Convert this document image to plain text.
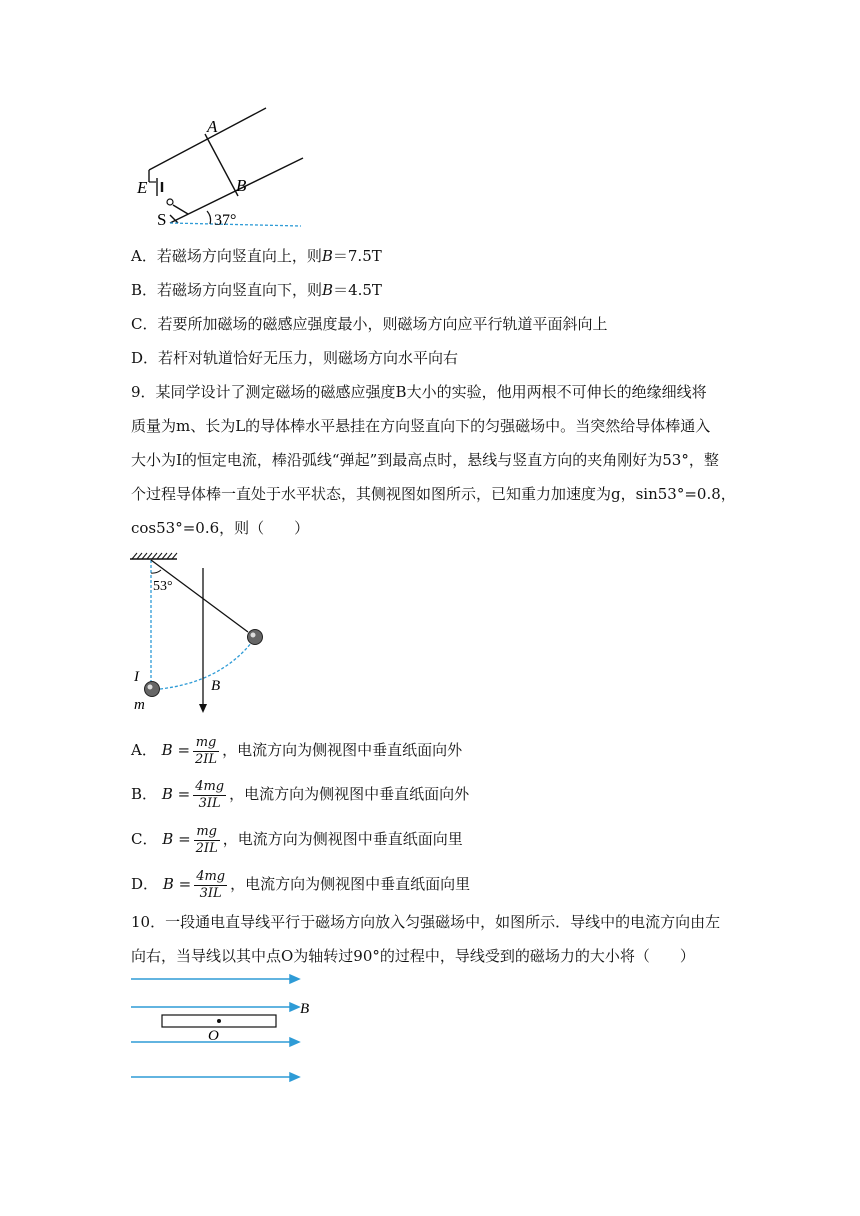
A
B
E
S	37°
A．若磁场方向竖直向上，则B＝7.5T
B．若磁场方向竖直向下，则B＝4.5T
C．若要所加磁场的磁感应强度最小，则磁场方向应平行轨道平面斜向上
D．若杆对轨道恰好无压力，则磁场方向水平向右
9．某同学设计了测定磁场的磁感应强度B大小的实验，他用两根不可伸长的绝缘细线将
质量为m、长为L的导体棒水平悬挂在方向竖直向下的匀强磁场中。当突然给导体棒通入
大小为I的恒定电流，棒沿弧线“弹起”到最高点时，悬线与竖直方向的夹角刚好为53°，整
个过程导体棒一直处于水平状态，其侧视图如图所示，已知重力加速度为g，sin53°=0.8，
cos53°=0.6，则（　　）
53°
I
m
B
A． $B = \frac{mg}{2IL}$ ，电流方向为侧视图中垂直纸面向外
B． $B = \frac{4mg}{3IL}$ ，电流方向为侧视图中垂直纸面向外
C． $B = \frac{mg}{2IL}$ ，电流方向为侧视图中垂直纸面向里
D． $B = \frac{4mg}{3IL}$ ，电流方向为侧视图中垂直纸面向里
10．一段通电直导线平行于磁场方向放入匀强磁场中，如图所示．导线中的电流方向由左
向右，当导线以其中点O为轴转过90°的过程中，导线受到的磁场力的大小将（　　）
B
O
